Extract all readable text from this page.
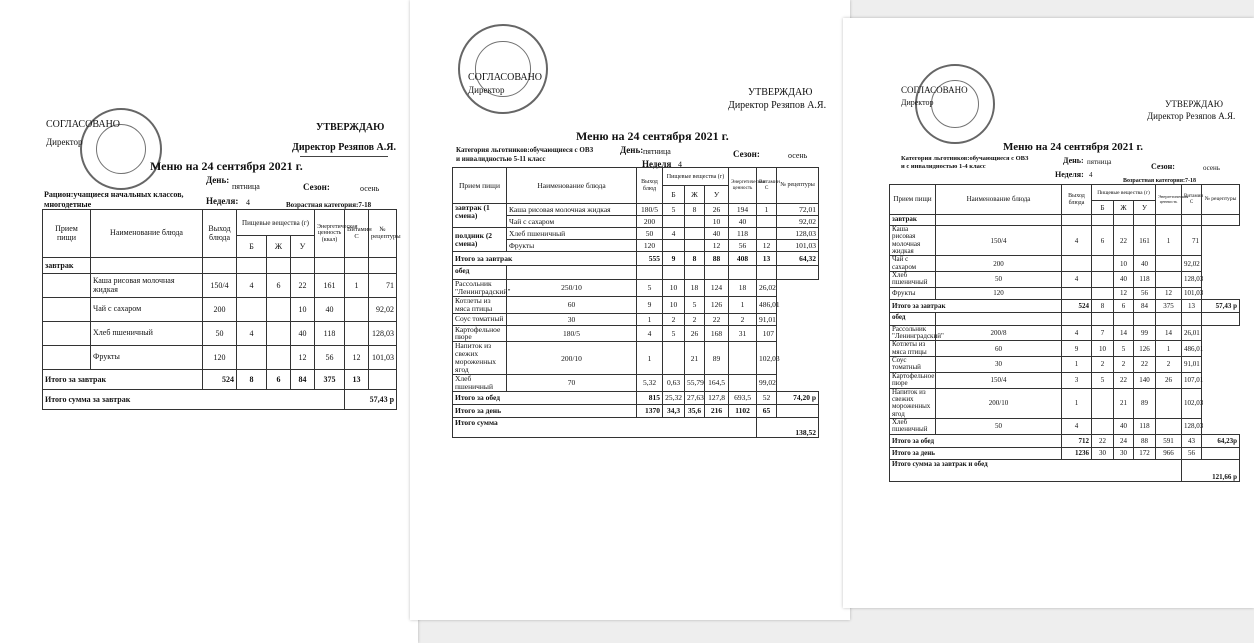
СОГЛАСОВАНО
Директор
УТВЕРЖДАЮ
Директор Резяпов А.Я.
Меню на 24 сентября 2021 г.
День:
пятница	Сезон:	осень
Рацион:учащиеся начальных классов,
многодетные	Неделя: 4	Возрастная категория:7-18
Прием пищи	Наименование блюда	Выход блюда	Пищевые вещества (г)			Энергетическая ценность (ккал)	Витамин С	№ рецептуры
			Б	Ж	У			
завтрак								
	Каша рисовая молочная жидкая	150/4	4	6	22	161	1	71
	Чай с сахаром	200			10	40		92,02
	Хлеб пшеничный	50	4		40	118		128,03
	Фрукты	120			12	56	12	101,03
Итого за завтрак		524	8	6	84	375	13	
Итого сумма за завтрак							57,43 р	
СОГЛАСОВАНО
Директор	УТВЕРЖДАЮ
Директор Резяпов А.Я.
Меню на 24 сентября 2021 г.
Категория льготников:обучающиеся с ОВЗ
и инвалидностью 5-11 класс
День: пятница	Сезон:	осень
Неделя 4
Прием пищи	Наименование блюда	Выход блюд	Пищевые вещества (г)			Энергетическая ценность	Витамин С	№ рецептуры
			Б	Ж	У			
завтрак (1 смена)	Каша рисовая молочная жидкая	180/5	5	8	26	194	1	72,01
	Чай с сахаром	200			10	40		92,02
полдник (2 смена)	Хлеб пшеничный	50	4		40	118		128,03
	Фрукты	120			12	56	12	101,03
Итого за завтрак		555	9	8	88	408	13	64,32
обед								
Рассольник "Ленинградский"	250/10	5	10	18	124	18	26,02	
Котлеты из мяса птицы	60	9	10	5	126	1	486,01	
Соус томатный	30	1	2	2	22	2	91,01	
Картофельное пюре	180/5	4	5	26	168	31	107	
Напиток из свежих мороженных ягод	200/10	1		21	89		102,03	
Хлеб пшеничный	70	5,32	0,63	55,79	164,5		99,02	
Итого за обед		815	25,32	27,63	127,8	693,5	52	74,20 р
Итого за день		1370	34,3	35,6	216	1102	65	
Итого сумма							138,52	
СОГЛАСОВАНО
Директор	УТВЕРЖДАЮ
Директор Резяпов А.Я.
Меню на 24 сентября 2021 г.
Категория льготников:обучающиеся с ОВЗ
и с инвалидностью 1-4 класс
День: пятница	Сезон:	осень
Неделя: 4
Возрастная категория:7-18
Прием пищи	Наименование блюда	Выход блюда	Пищевые вещества (г)			Энергетическая ценность	Витамин С	№ рецептуры
			Б	Ж	У			
завтрак								
Каша рисовая молочная жидкая	150/4	4	6	22	161	1	71	
Чай с сахаром	200			10	40		92,02	
Хлеб пшеничный	50	4		40	118		128,03	
Фрукты	120			12	56	12	101,03	
Итого за завтрак		524	8	6	84	375	13	57,43 р
обед								
Рассольник "Ленинградский"	200/8	4	7	14	99	14	26,01	
Котлеты из мяса птицы	60	9	10	5	126	1	486,01	
Соус томатный	30	1	2	2	22	2	91,01	
Картофельное пюре	150/4	3	5	22	140	26	107,01	
Напиток из свежих мороженных ягод	200/10	1		21	89		102,03	
Хлеб пшеничный	50	4		40	118		128,03	
Итого за обед		712	22	24	88	591	43	64,23р
Итого за день		1236	30	30	172	966	56	
Итого сумма за завтрак и обед							121,66 р	
